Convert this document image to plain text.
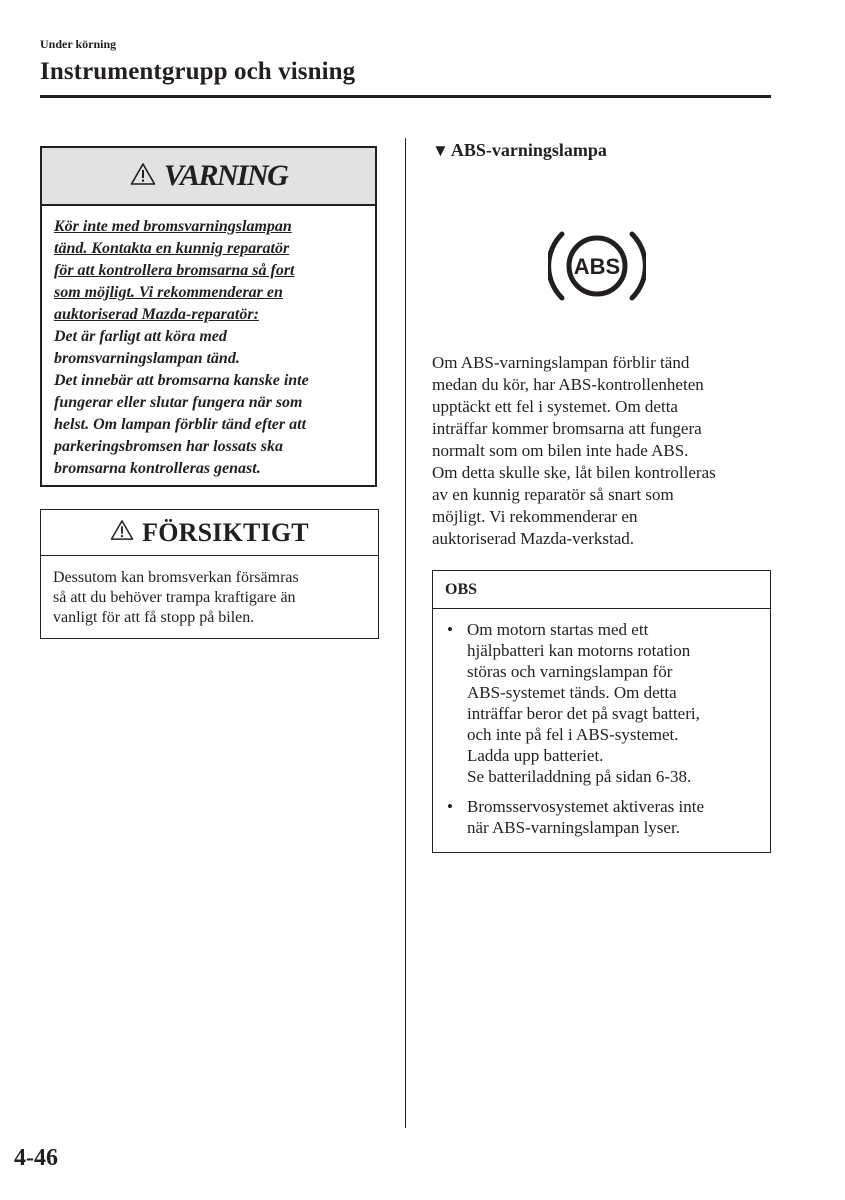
Under körning
Instrumentgrupp och visning
VARNING

Kör inte med bromsvarningslampan

tänd. Kontakta en kunnig reparatör

för att kontrollera bromsarna så fort

som möjligt. Vi rekommenderar en

auktoriserad Mazda-reparatör:

Det är farligt att köra med

bromsvarningslampan tänd.

Det innebär att bromsarna kanske inte

fungerar eller slutar fungera när som

helst. Om lampan förblir tänd efter att

parkeringsbromsen har lossats ska

bromsarna kontrolleras genast.

FÖRSIKTIGT
Dessutom kan bromsverkan försämras
så att du behöver trampa kraftigare än
vanligt för att få stopp på bilen.
▼ ABS-varningslampa
ABS

Om ABS-varningslampan förblir tänd

medan du kör, har ABS-kontrollenheten

upptäckt ett fel i systemet. Om detta

inträffar kommer bromsarna att fungera

normalt som om bilen inte hade ABS.

Om detta skulle ske, låt bilen kontrolleras

av en kunnig reparatör så snart som

möjligt. Vi rekommenderar en

auktoriserad Mazda-verkstad.

OBS
• Om motorn startas med ett

hjälpbatteri kan motorns rotation

störas och varningslampan för

ABS-systemet tänds. Om detta

inträffar beror det på svagt batteri,

och inte på fel i ABS-systemet.

Ladda upp batteriet.

Se batteriladdning på sidan 6-38.

• Bromsservosystemet aktiveras inte

när ABS-varningslampan lyser.

4-46
